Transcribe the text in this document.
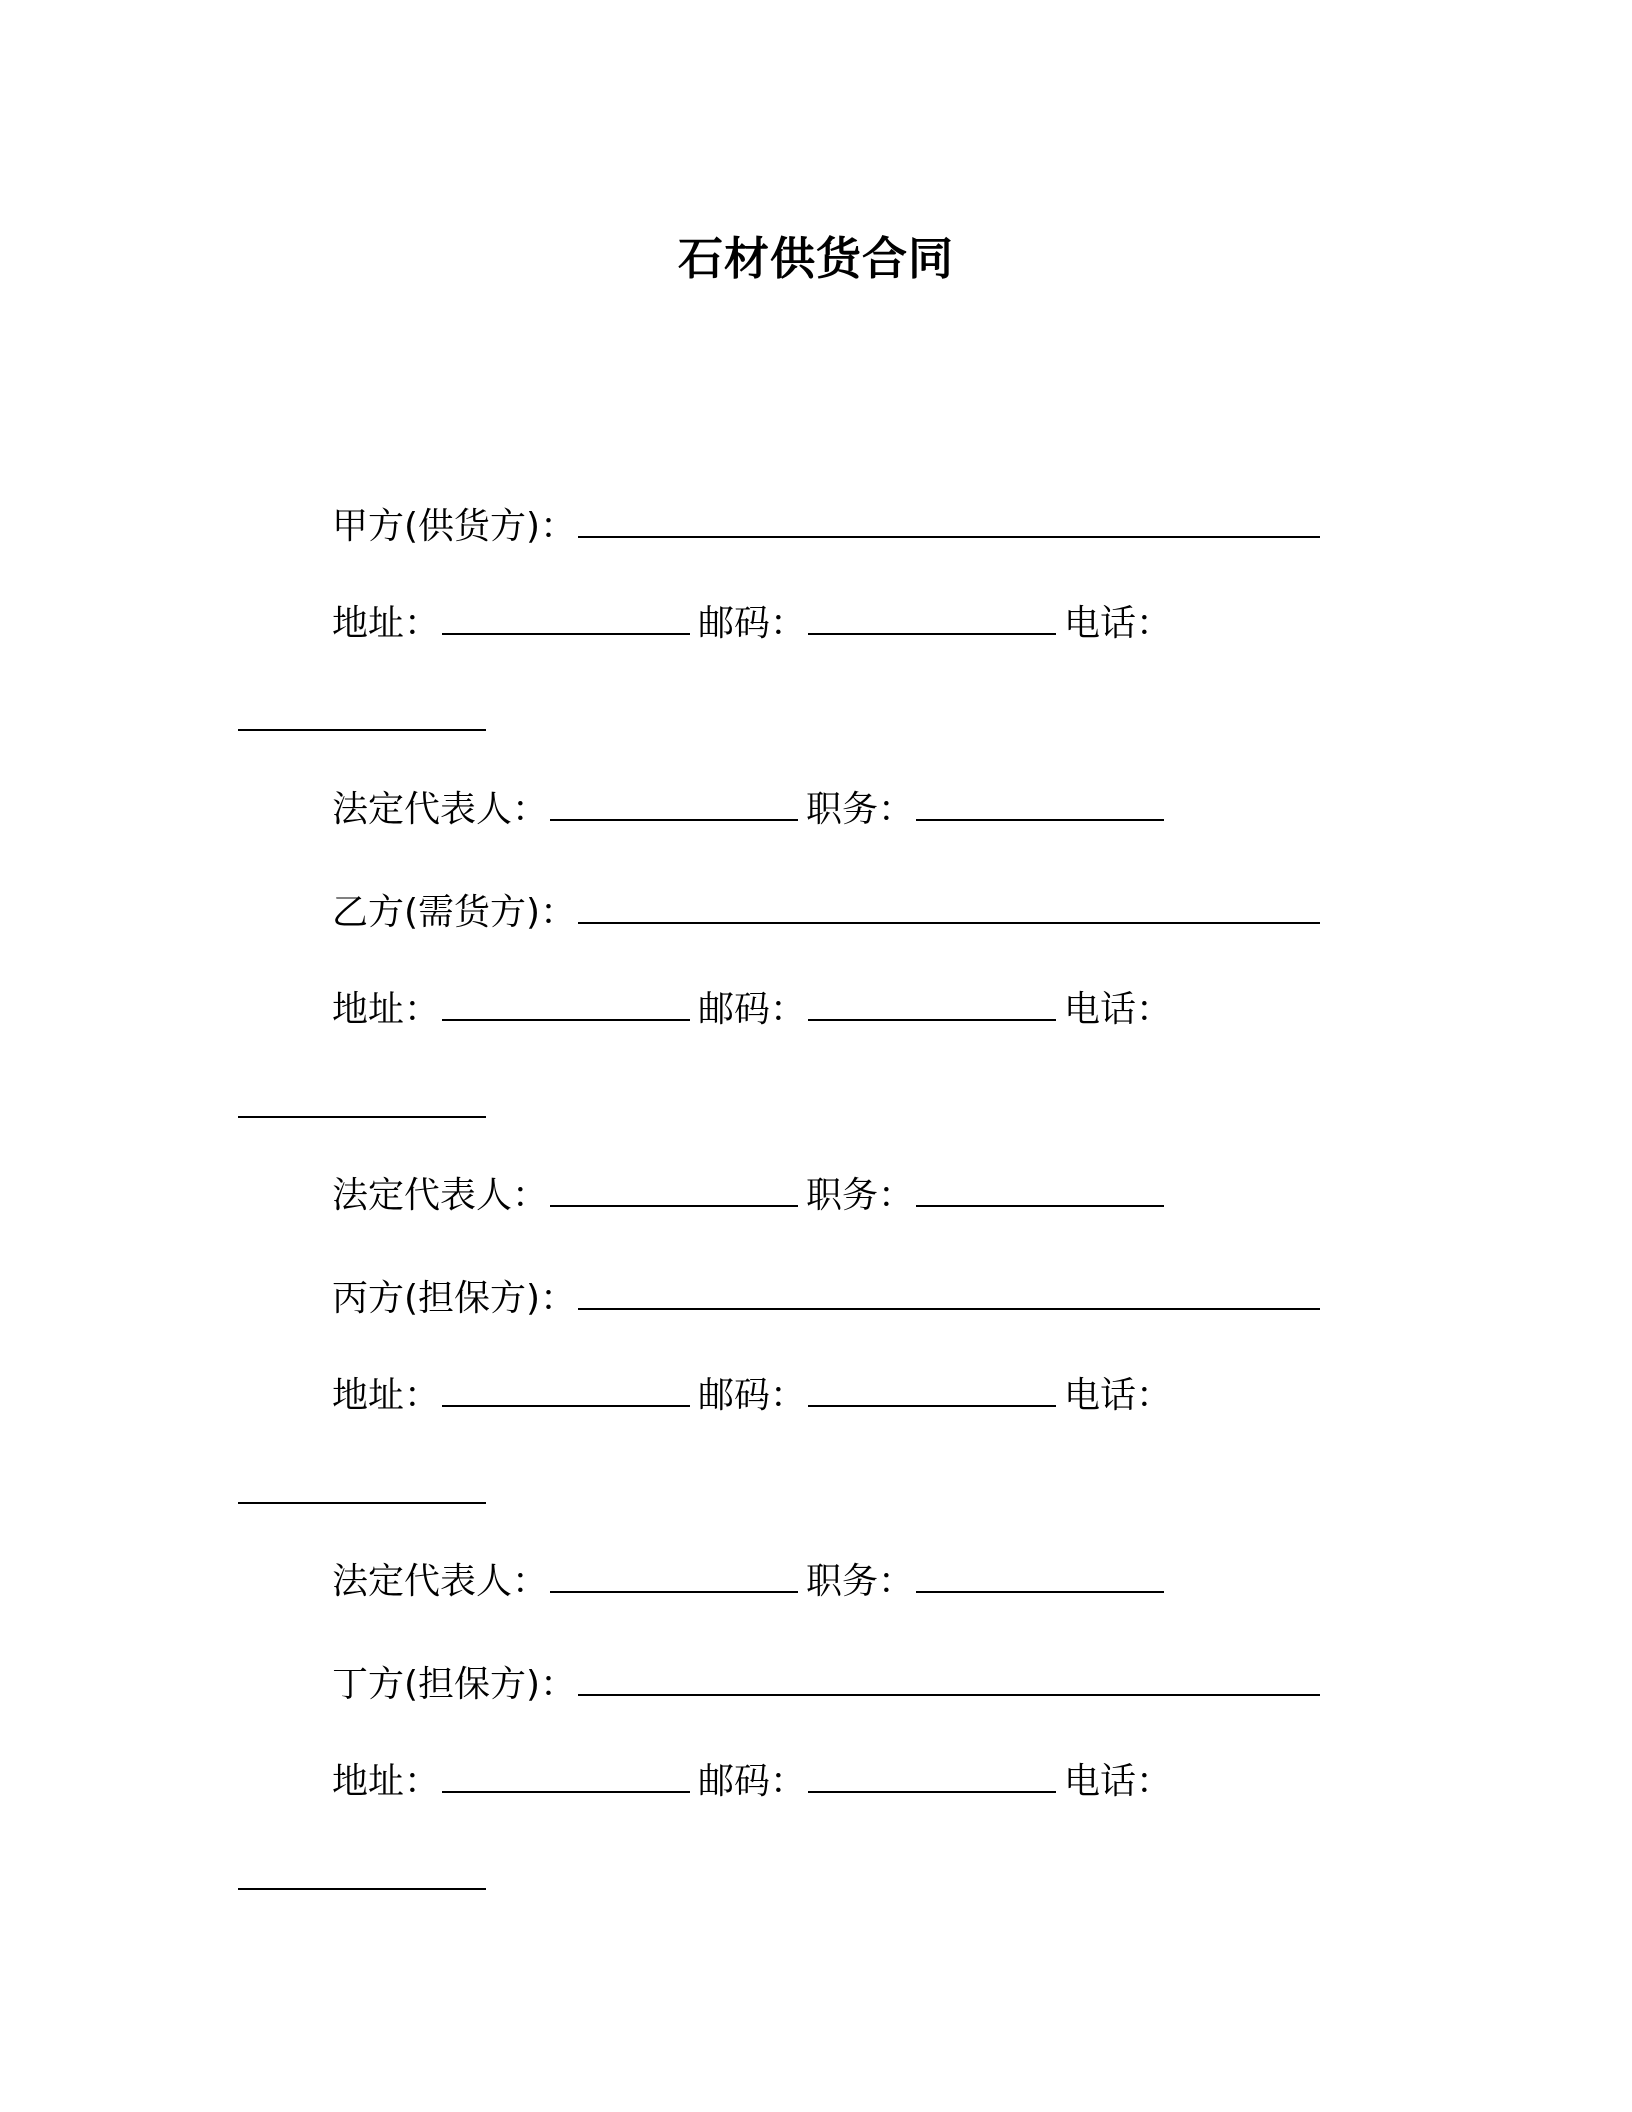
石材供货合同
甲方(供货方)：
地址：	邮码：	电话：
法定代表人：	职务：
乙方(需货方)：
地址：	邮码：	电话：
法定代表人：	职务：
丙方(担保方)：
地址：	邮码：	电话：
法定代表人：	职务：
丁方(担保方)：
地址：	邮码：	电话：
